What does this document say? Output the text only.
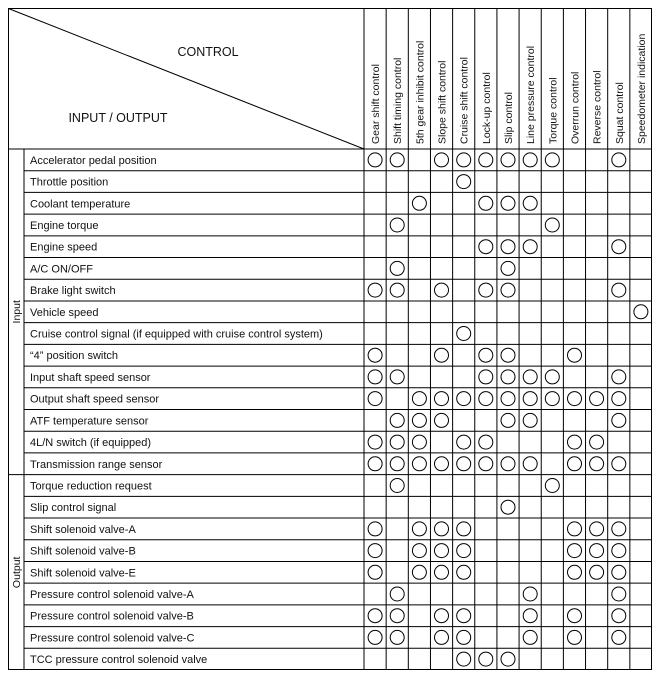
CONTROL
INPUT / OUTPUT	Gear shift control Shift timing control 5th gear inhibit control Slope shift control Cruise shift control Lock-up control Slip control Line pressure control Torque control Overrun control Reverse control Squat control Speedometer indication
Input
Output
Accelerator pedal position
Throttle position
Coolant temperature
Engine torque
Engine speed
A/C ON/OFF
Brake light switch
Vehicle speed
Cruise control signal (if equipped with cruise control system)
“4” position switch
Input shaft speed sensor
Output shaft speed sensor
ATF temperature sensor
4L/N switch (if equipped)
Transmission range sensor
Torque reduction request
Slip control signal
Shift solenoid valve-A
Shift solenoid valve-B
Shift solenoid valve-E
Pressure control solenoid valve-A
Pressure control solenoid valve-B
Pressure control solenoid valve-C
TCC pressure control solenoid valve
